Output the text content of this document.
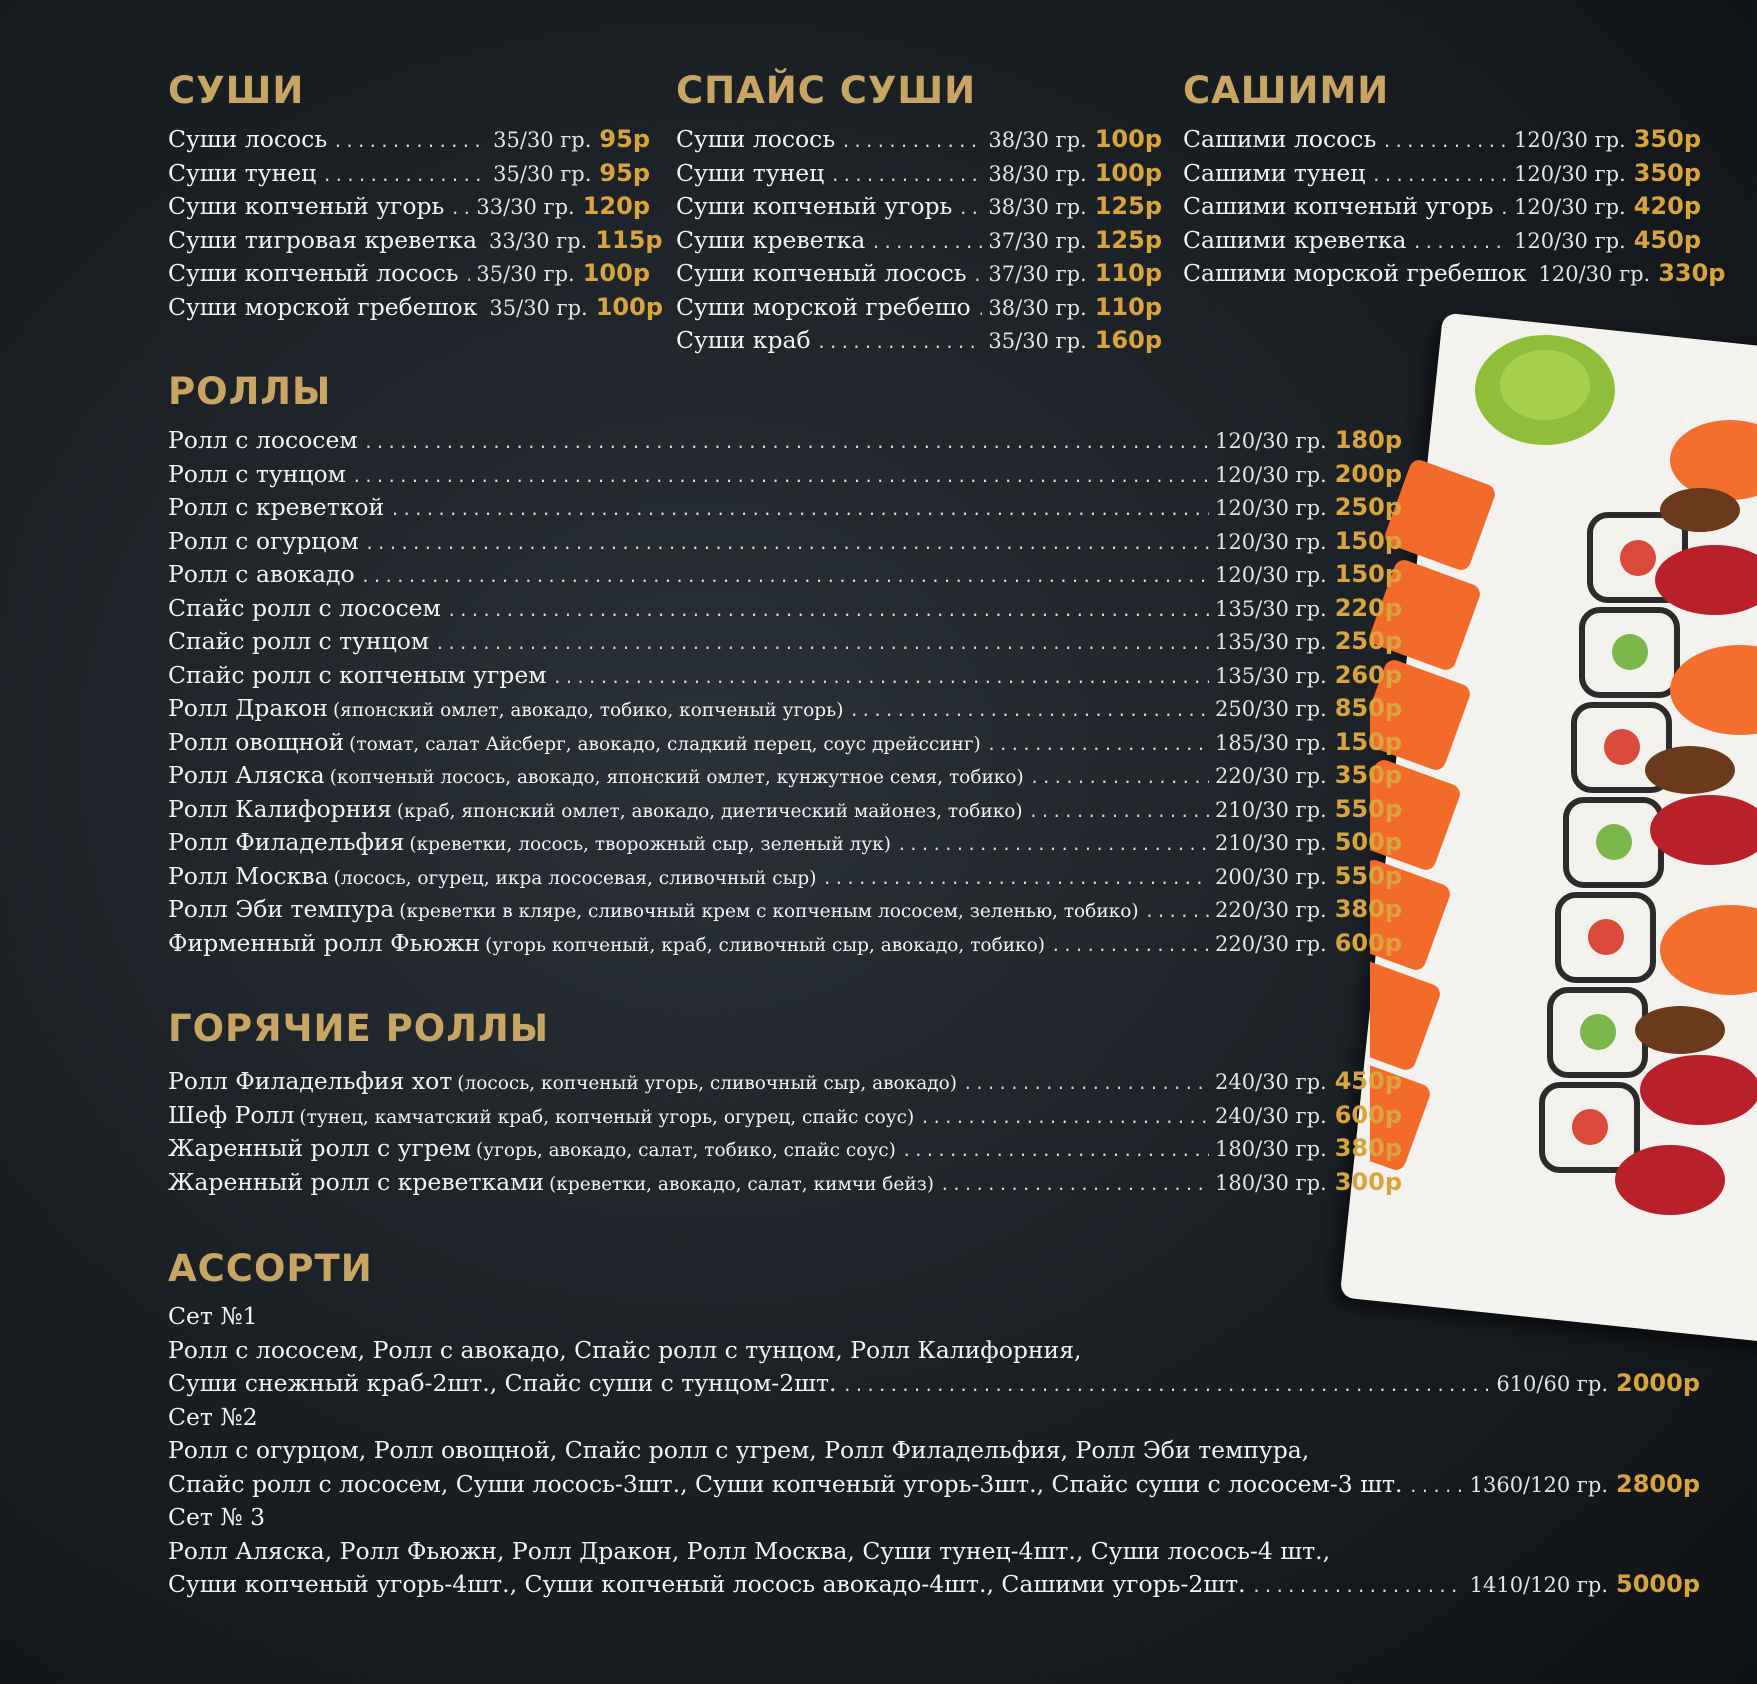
СУШИ
Суши лосось .....	35/30 гр. 95р
Суши тунец .....	35/30 гр. 95р
Суши копченый угорь ..... 33/30 гр. 120р
Суши тигровая креветка 33/30 гр. 115р
Суши копченый лосось ..... 35/30 гр. 100р
Суши морской гребешок 35/30 гр. 100р
СПАЙС СУШИ
Суши лосось .....	38/30 гр. 100р
Суши тунец .....	38/30 гр. 100р
Суши копченый угорь ..... 38/30 гр. 125р
Суши креветка .....	37/30 гр. 125р
Суши копченый лосось ..... 37/30 гр. 110р
Суши морской гребешо ..... 38/30 гр. 110р
Суши краб .....	35/30 гр. 160р
САШИМИ
Сашими лосось .....	120/30 гр. 350р
Сашими тунец .....	120/30 гр. 350р
Сашими копченый угорь ..... 120/30 гр. 420р
Сашими креветка .....	120/30 гр. 450р
Сашими морской гребешок 120/30 гр. 330р
РОЛЛЫ
Ролл с лососем .....	120/30 гр. 180р
Ролл с тунцом .....	120/30 гр. 200р
Ролл с креветкой .....	120/30 гр. 250р
Ролл с огурцом .....	120/30 гр. 150р
Ролл с авокадо .....	120/30 гр. 150р
Спайс ролл с лососем .....	135/30 гр. 220р
Спайс ролл с тунцом .....	135/30 гр. 250р
Спайс ролл с копченым угрем .....	135/30 гр. 260р
Ролл Дракон (японский омлет, авокадо, тобико, копченый угорь) .....	250/30 гр. 850р
Ролл овощной (томат, салат Айсберг, авокадо, сладкий перец, соус дрейссинг) .....	185/30 гр. 150р
Ролл Аляска (копченый лосось, авокадо, японский омлет, кунжутное семя, тобико) .....	220/30 гр. 350р
Ролл Калифорния (краб, японский омлет, авокадо, диетический майонез, тобико) .....	210/30 гр. 550р
Ролл Филадельфия (креветки, лосось, творожный сыр, зеленый лук) .....	210/30 гр. 500р
Ролл Москва (лосось, огурец, икра лососевая, сливочный сыр) .....	200/30 гр. 550р
Ролл Эби темпура (креветки в кляре, сливочный крем с копченым лососем, зеленью, тобико) .....	220/30 гр. 380р
Фирменный ролл Фьюжн (угорь копченый, краб, сливочный сыр, авокадо, тобико) .....	220/30 гр. 600р
ГОРЯЧИЕ РОЛЛЫ
Ролл Филадельфия хот (лосось, копченый угорь, сливочный сыр, авокадо) .....	240/30 гр. 450р
Шеф Ролл (тунец, камчатский краб, копченый угорь, огурец, спайс соус) .....	240/30 гр. 600р
Жаренный ролл с угрем (угорь, авокадо, салат, тобико, спайс соус) .....	180/30 гр. 380р
Жаренный ролл с креветками (креветки, авокадо, салат, кимчи бейз) .....	180/30 гр. 300р
АССОРТИ
Сет №1
Ролл с лососем, Ролл с авокадо, Спайс ролл с тунцом, Ролл Калифорния,
Суши снежный краб-2шт., Спайс суши с тунцом-2шт. .....	610/60 гр. 2000р
Сет №2
Ролл с огурцом, Ролл овощной, Спайс ролл с угрем, Ролл Филадельфия, Ролл Эби темпура,
Спайс ролл с лососем, Суши лосось-3шт., Суши копченый угорь-3шт., Спайс суши с лососем-3 шт. .....	1360/120 гр. 2800р
Сет № 3
Ролл Аляска, Ролл Фьюжн, Ролл Дракон, Ролл Москва, Суши тунец-4шт., Суши лосось-4 шт.,
Суши копченый угорь-4шт., Суши копченый лосось авокадо-4шт., Сашими угорь-2шт. .....	1410/120 гр. 5000р
